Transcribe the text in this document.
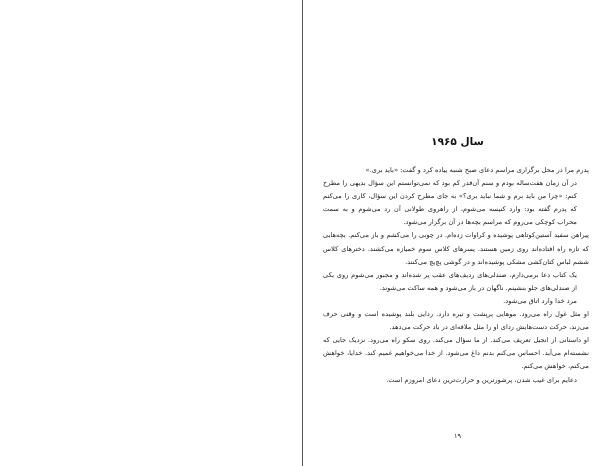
سال ۱۹۶۵

پدرم مرا در محل برگزاری مراسم دعای صبح شنبه پیاده کرد و گفت: «باید بری.»

در آن زمان هفت‌ساله بودم و سنم آن‌قدر کم بود که نمی‌توانستم این سؤال بدیهی را مطرح کنم: «چرا من باید برم و شما نباید بری؟» به جای مطرح کردن این سؤال، کاری را می‌کنم که پدرم گفته بود: وارد کنیسه می‌شوم، از راهروی طولانی آن رد می‌شوم و به سمت محراب کوچکی می‌روم که مراسم بچه‌ها در آن برگزار می‌شود.

پیراهن سفید آستین‌کوتاهی پوشیده و کراوات زده‌ام. در چوبی را می‌کشم و باز می‌کنم. بچه‌هایی که تازه راه افتاده‌اند روی زمین هستند. پسرهای کلاس سوم خمیازه می‌کشند. دخترهای کلاس ششم لباس کتان‌کشی مشکی پوشیده‌اند و در گوشی پچ‌پچ می‌کنند.

یک کتاب دعا برمی‌دارم، صندلی‌های ردیف‌های عقب پر شده‌اند و مجبور می‌شوم روی یکی از صندلی‌های جلو بنشینم. ناگهان در باز می‌شود و همه ساکت می‌شوند.

مرد خدا وارد اتاق می‌شود.

او مثل غول راه می‌رود. موهایی پرپشت و تیره دارد. ردایی بلند پوشیده است و وقتی حرف می‌زند، حرکت دست‌هایش ردای او را مثل ملافه‌ای در باد حرکت می‌دهد.

او داستانی از انجیل تعریف می‌کند. از ما سؤال می‌کند. روی سکو راه می‌رود. نزدیک جایی که نشسته‌ام می‌آید. احساس می‌کنم بدنم داغ می‌شود. از خدا می‌خواهیم غمیم کند. خدایا، خواهش می‌کنم، خواهش می‌کنم.

دعایم برای غیب شدن، پرشورترین و حرارت‌ترین دعای امروزم است.

۱۹
